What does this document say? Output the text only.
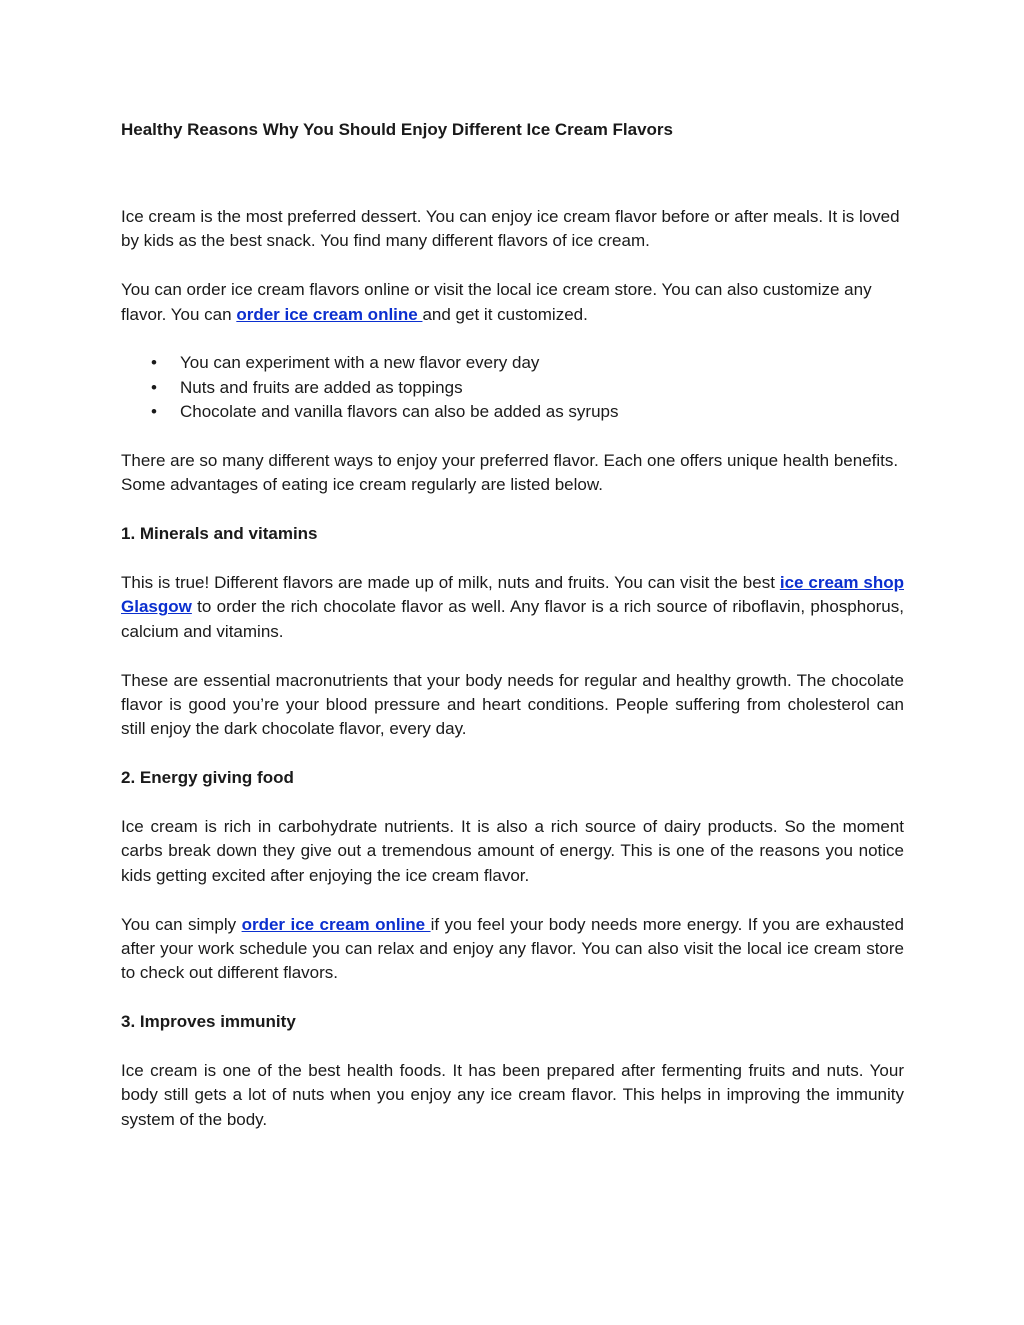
Healthy Reasons Why You Should Enjoy Different Ice Cream Flavors

Ice cream is the most preferred dessert. You can enjoy ice cream flavor before or after meals. It is loved by kids as the best snack. You find many different flavors of ice cream.

You can order ice cream flavors online or visit the local ice cream store. You can also customize any flavor. You can order ice cream online and get it customized.

• You can experiment with a new flavor every day
• Nuts and fruits are added as toppings
• Chocolate and vanilla flavors can also be added as syrups

There are so many different ways to enjoy your preferred flavor. Each one offers unique health benefits. Some advantages of eating ice cream regularly are listed below.

1. Minerals and vitamins

This is true! Different flavors are made up of milk, nuts and fruits. You can visit the best ice cream shop Glasgow to order the rich chocolate flavor as well. Any flavor is a rich source of riboflavin, phosphorus, calcium and vitamins.

These are essential macronutrients that your body needs for regular and healthy growth. The chocolate flavor is good you’re your blood pressure and heart conditions. People suffering from cholesterol can still enjoy the dark chocolate flavor, every day.

2. Energy giving food

Ice cream is rich in carbohydrate nutrients. It is also a rich source of dairy products. So the moment carbs break down they give out a tremendous amount of energy. This is one of the reasons you notice kids getting excited after enjoying the ice cream flavor.

You can simply order ice cream online if you feel your body needs more energy. If you are exhausted after your work schedule you can relax and enjoy any flavor. You can also visit the local ice cream store to check out different flavors.

3. Improves immunity

Ice cream is one of the best health foods. It has been prepared after fermenting fruits and nuts. Your body still gets a lot of nuts when you enjoy any ice cream flavor. This helps in improving the immunity system of the body.
